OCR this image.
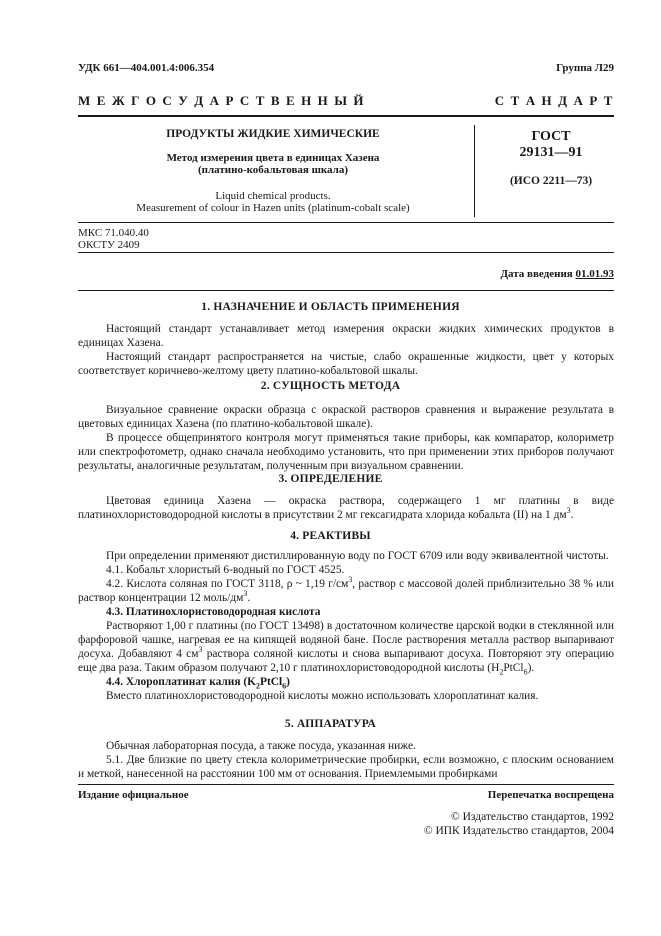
УДК 661—404.001.4:006.354	Группа Л29
М Е Ж Г О С У Д А Р С Т В Е Н Н Ы Й	С Т А Н Д А Р Т
ПРОДУКТЫ ЖИДКИЕ ХИМИЧЕСКИЕ
Метод измерения цвета в единицах Хазена
(платино-кобальтовая шкала)
Liquid chemical products.
Measurement of colour in Hazen units (platinum-cobalt scale)
ГОСТ
29131—91
(ИСО 2211—73)
МКС 71.040.40
ОКСТУ 2409
Дата введения 01.01.93
1. НАЗНАЧЕНИЕ И ОБЛАСТЬ ПРИМЕНЕНИЯ

Настоящий стандарт устанавливает метод измерения окраски жидких химических продуктов в единицах Хазена.

Настоящий стандарт распространяется на чистые, слабо окрашенные жидкости, цвет у которых соответствует коричнево-желтому цвету платино-кобальтовой шкалы.

2. СУЩНОСТЬ МЕТОДА

Визуальное сравнение окраски образца с окраской растворов сравнения и выражение результата в цветовых единицах Хазена (по платино-кобальтовой шкале).

В процессе общепринятого контроля могут применяться такие приборы, как компаратор, колориметр или спектрофотометр, однако сначала необходимо установить, что при применении этих приборов получают результаты, аналогичные результатам, полученным при визуальном сравнении.

3. ОПРЕДЕЛЕНИЕ

Цветовая единица Хазена — окраска раствора, содержащего 1 мг платины в виде платинохлористоводородной кислоты в присутствии 2 мг гексагидрата хлорида кобальта (II) на 1 $дм^3$.

4. РЕАКТИВЫ

При определении применяют дистиллированную воду по ГОСТ 6709 или воду эквивалентной чистоты.

4.1. Кобальт хлористый 6-водный по ГОСТ 4525.

4.2. Кислота соляная по ГОСТ 3118, ρ ~ 1,19 $г/см^3$, раствор с массовой долей приблизительно 38 % или раствор концентрации 12 моль/$дм^3$.

4.3. Платинохлористоводородная кислота

Растворяют 1,00 г платины (по ГОСТ 13498) в достаточном количестве царской водки в стеклянной или фарфоровой чашке, нагревая ее на кипящей водяной бане. После растворения металла раствор выпаривают досуха. Добавляют 4 $см^3$ раствора соляной кислоты и снова выпаривают досуха. Повторяют эту операцию еще два раза. Таким образом получают 2,10 г платинохлористоводородной кислоты $(H_2PtCl_6)$.

4.4. Хлороплатинат калия $(K_2PtCl_6)$

Вместо платинохлористоводородной кислоты можно использовать хлороплатинат калия.

5. АППАРАТУРА

Обычная лабораторная посуда, а также посуда, указанная ниже.

5.1. Две близкие по цвету стекла колориметрические пробирки, если возможно, с плоским основанием и меткой, нанесенной на расстоянии 100 мм от основания. Приемлемыми пробирками

Издание официальное	Перепечатка воспрещена
© Издательство стандартов, 1992
© ИПК Издательство стандартов, 2004
